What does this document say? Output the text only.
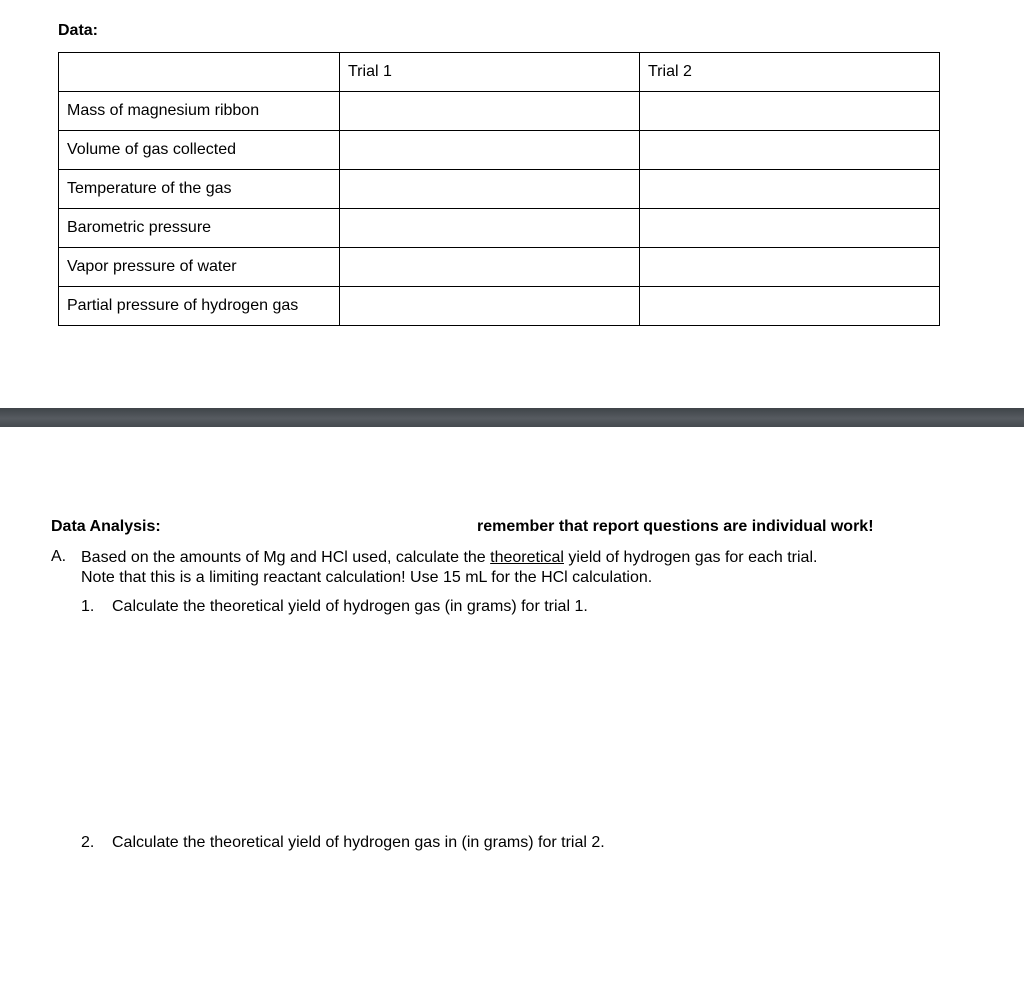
Data:
	Trial 1	Trial 2
Mass of magnesium ribbon		
Volume of gas collected		
Temperature of the gas		
Barometric pressure		
Vapor pressure of water		
Partial pressure of hydrogen gas		
Data Analysis:	remember that report questions are individual work!
A. Based on the amounts of Mg and HCl used, calculate the theoretical yield of hydrogen gas for each trial.
Note that this is a limiting reactant calculation! Use 15 mL for the HCl calculation.
1. Calculate the theoretical yield of hydrogen gas (in grams) for trial 1.
2. Calculate the theoretical yield of hydrogen gas in (in grams) for trial 2.
